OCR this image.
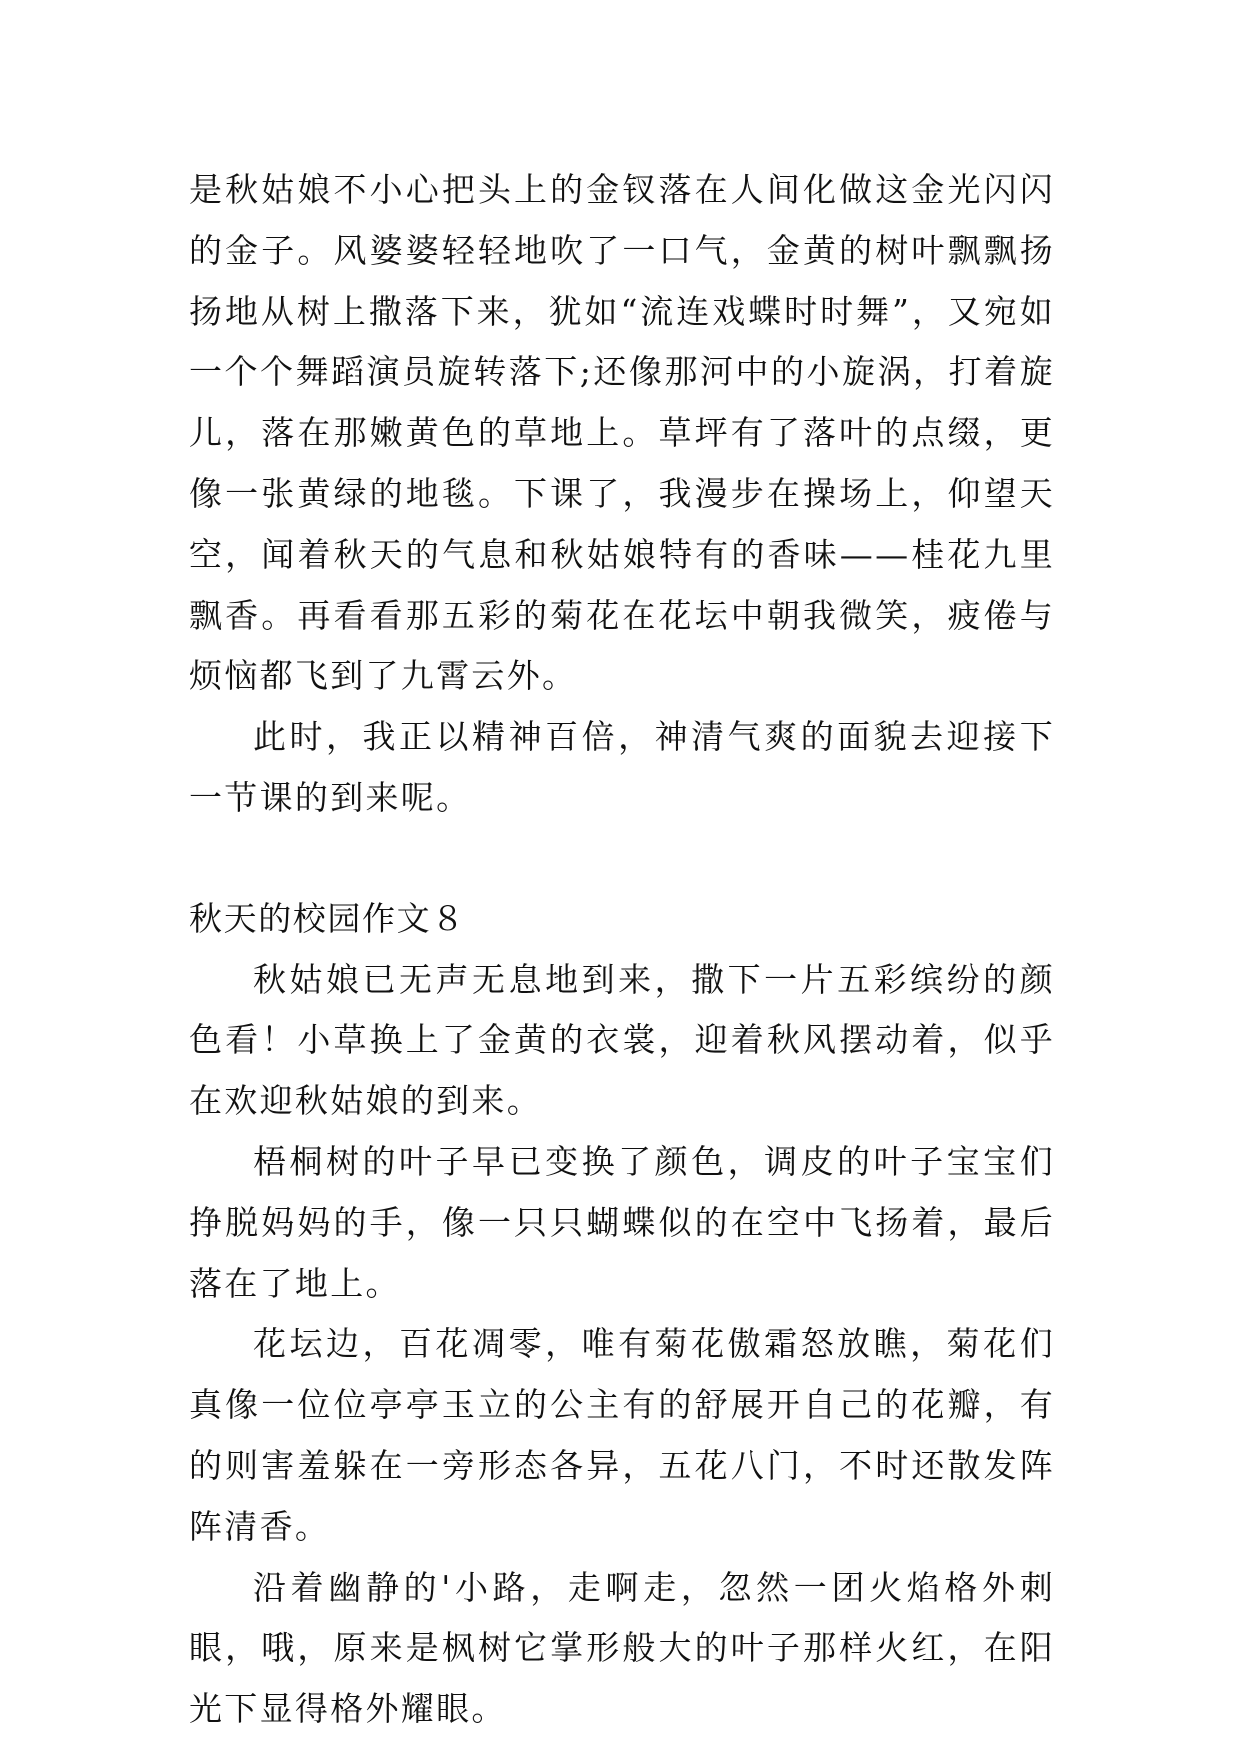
是秋姑娘不小心把头上的金钗落在人间化做这金光闪闪的金子。风婆婆轻轻地吹了一口气，金黄的树叶飘飘扬扬地从树上撒落下来，犹如“流连戏蝶时时舞”，又宛如一个个舞蹈演员旋转落下;还像那河中的小旋涡，打着旋儿，落在那嫩黄色的草地上。草坪有了落叶的点缀，更像一张黄绿的地毯。下课了，我漫步在操场上，仰望天空，闻着秋天的气息和秋姑娘特有的香味——桂花九里飘香。再看看那五彩的菊花在花坛中朝我微笑，疲倦与烦恼都飞到了九霄云外。

此时，我正以精神百倍，神清气爽的面貌去迎接下一节课的到来呢。

秋天的校园作文８

秋姑娘已无声无息地到来，撒下一片五彩缤纷的颜色看！小草换上了金黄的衣裳，迎着秋风摆动着，似乎在欢迎秋姑娘的到来。

梧桐树的叶子早已变换了颜色，调皮的叶子宝宝们挣脱妈妈的手，像一只只蝴蝶似的在空中飞扬着，最后落在了地上。

花坛边，百花凋零，唯有菊花傲霜怒放瞧，菊花们真像一位位亭亭玉立的公主有的舒展开自己的花瓣，有的则害羞躲在一旁形态各异，五花八门，不时还散发阵阵清香。

沿着幽静的'小路，走啊走，忽然一团火焰格外刺眼，哦，原来是枫树它掌形般大的叶子那样火红，在阳光下显得格外耀眼。
